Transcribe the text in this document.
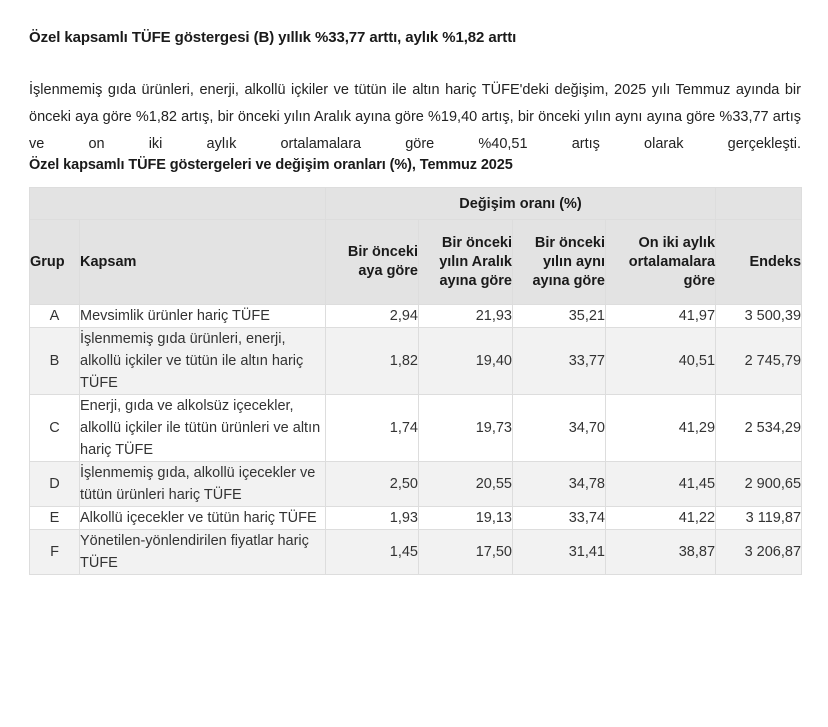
Özel kapsamlı TÜFE göstergesi (B) yıllık %33,77 arttı, aylık %1,82 arttı

İşlenmemiş gıda ürünleri, enerji, alkollü içkiler ve tütün ile altın hariç TÜFE'deki değişim, 2025 yılı Temmuz ayında bir önceki aya göre %1,82 artış, bir önceki yılın Aralık ayına göre %19,40 artış, bir önceki yılın aynı ayına göre %33,77 artış ve on iki aylık ortalamalara göre %40,51 artış olarak gerçekleşti.

Özel kapsamlı TÜFE göstergeleri ve değişim oranları (%), Temmuz 2025
		Değişim oranı (%)				
Grup	Kapsam	Bir önceki aya göre	Bir önceki yılın Aralık ayına göre	Bir önceki yılın aynı ayına göre	On iki aylık ortalamalara göre	Endeks
A	Mevsimlik ürünler hariç TÜFE	2,94	21,93	35,21	41,97	3 500,39
B	İşlenmemiş gıda ürünleri, enerji, alkollü içkiler ve tütün ile altın hariç TÜFE	1,82	19,40	33,77	40,51	2 745,79
C	Enerji, gıda ve alkolsüz içecekler, alkollü içkiler ile tütün ürünleri ve altın hariç TÜFE	1,74	19,73	34,70	41,29	2 534,29
D	İşlenmemiş gıda, alkollü içecekler ve tütün ürünleri hariç TÜFE	2,50	20,55	34,78	41,45	2 900,65
E	Alkollü içecekler ve tütün hariç TÜFE	1,93	19,13	33,74	41,22	3 119,87
F	Yönetilen-yönlendirilen fiyatlar hariç TÜFE	1,45	17,50	31,41	38,87	3 206,87
